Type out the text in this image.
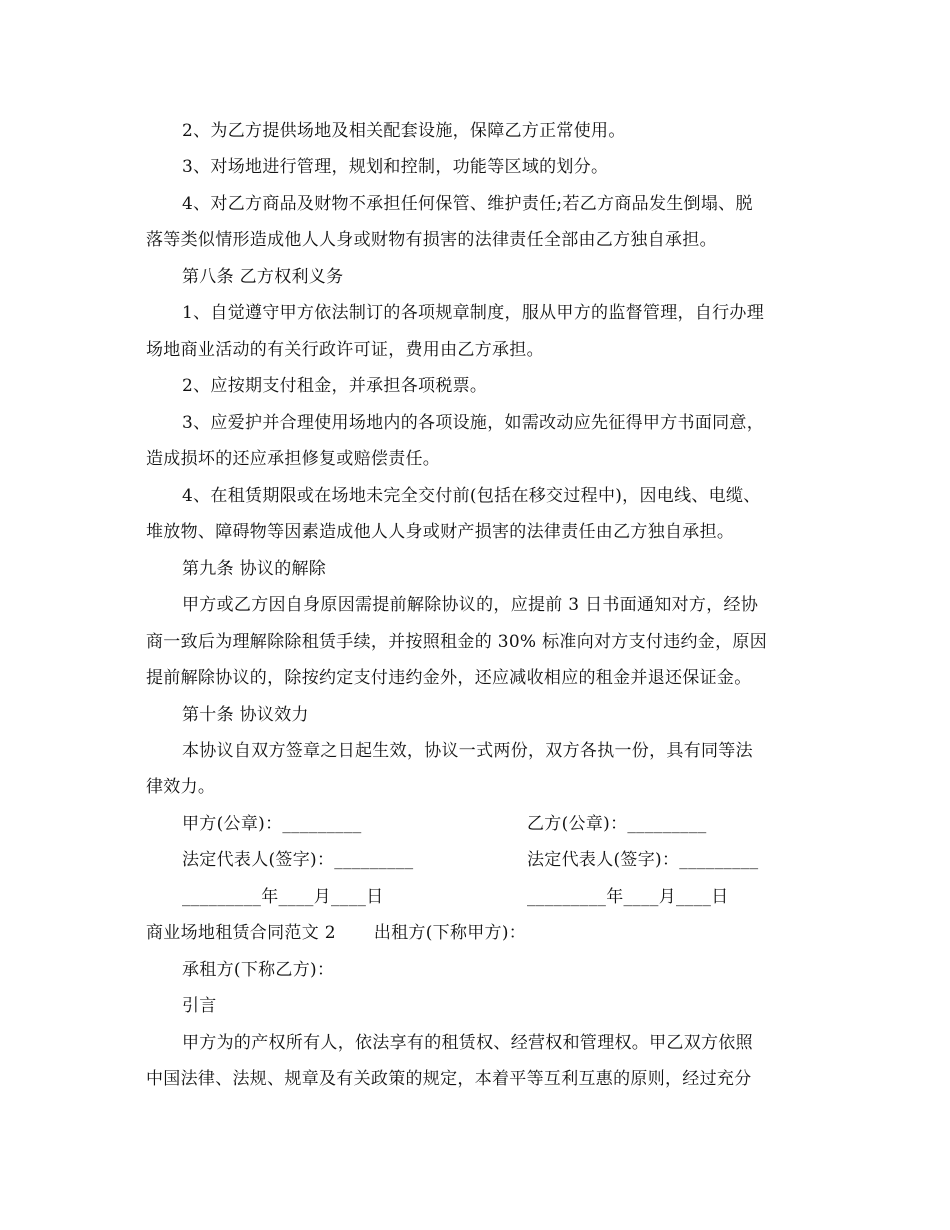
2、为乙方提供场地及相关配套设施，保障乙方正常使用。
3、对场地进行管理，规划和控制，功能等区域的划分。
4、对乙方商品及财物不承担任何保管、维护责任;若乙方商品发生倒塌、脱
落等类似情形造成他人人身或财物有损害的法律责任全部由乙方独自承担。
第八条 乙方权利义务
1、自觉遵守甲方依法制订的各项规章制度，服从甲方的监督管理，自行办理
场地商业活动的有关行政许可证，费用由乙方承担。
2、应按期支付租金，并承担各项税票。
3、应爱护并合理使用场地内的各项设施，如需改动应先征得甲方书面同意，
造成损坏的还应承担修复或赔偿责任。
4、在租赁期限或在场地未完全交付前(包括在移交过程中)，因电线、电缆、
堆放物、障碍物等因素造成他人人身或财产损害的法律责任由乙方独自承担。
第九条 协议的解除
甲方或乙方因自身原因需提前解除协议的，应提前 3 日书面通知对方，经协
商一致后为理解除除租赁手续，并按照租金的 30% 标准向对方支付违约金，原因
提前解除协议的，除按约定支付违约金外，还应减收相应的租金并退还保证金。
第十条 协议效力
本协议自双方签章之日起生效，协议一式两份，双方各执一份，具有同等法
律效力。
甲方(公章)：_________	乙方(公章)：_________
法定代表人(签字)：_________	法定代表人(签字)：_________
_________年____月____日	_________年____月____日
商业场地租赁合同范文 2 出租方(下称甲方)：
承租方(下称乙方)：
引言
甲方为的产权所有人，依法享有的租赁权、经营权和管理权。甲乙双方依照
中国法律、法规、规章及有关政策的规定，本着平等互利互惠的原则，经过充分
